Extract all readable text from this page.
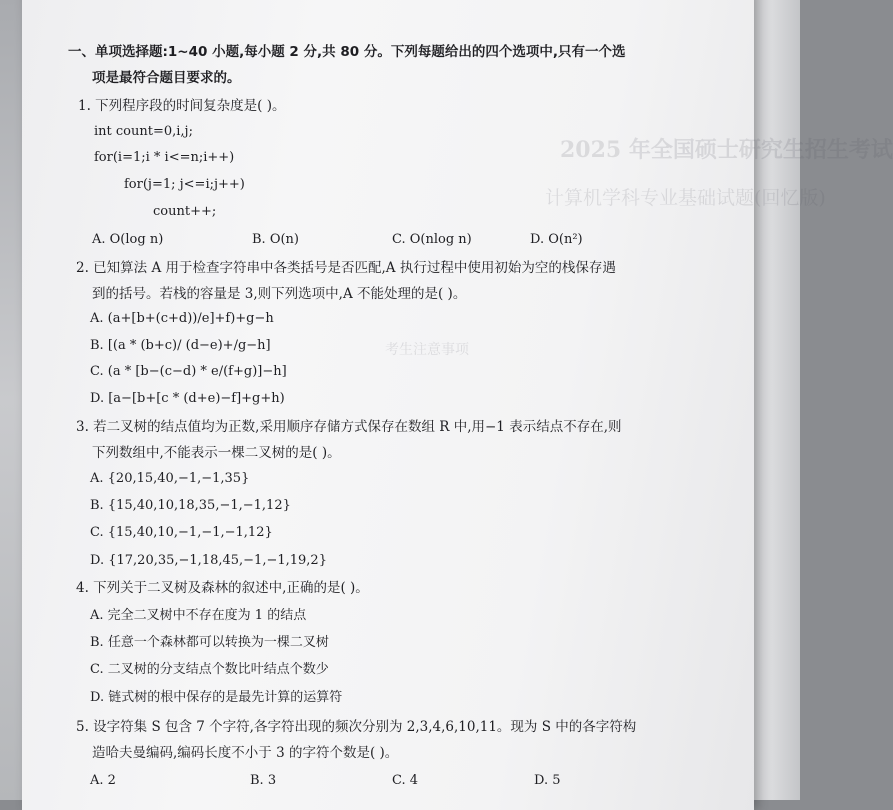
2025 年全国硕士研究生招生考试
计算机学科专业基础试题(回忆版)
考生注意事项
一、单项选择题:1~40 小题,每小题 2 分,共 80 分。下列每题给出的四个选项中,只有一个选
项是最符合题目要求的。
1. 下列程序段的时间复杂度是( )。
int count=0,i,j;
for(i=1;i * i<=n;i++)
for(j=1; j<=i;j++)
count++;
A. O(log n)	B. O(n)	C. O(nlog n)	D. O(n²)
2. 已知算法 A 用于检查字符串中各类括号是否匹配,A 执行过程中使用初始为空的栈保存遇
到的括号。若栈的容量是 3,则下列选项中,A 不能处理的是( )。
A. (a+[b+(c+d))/e]+f)+g−h
B. [(a * (b+c)/ (d−e)+/g−h]
C. (a * [b−(c−d) * e/(f+g)]−h]
D. [a−[b+[c * (d+e)−f]+g+h)
3. 若二叉树的结点值均为正数,采用顺序存储方式保存在数组 R 中,用−1 表示结点不存在,则
下列数组中,不能表示一棵二叉树的是( )。
A. {20,15,40,−1,−1,35}
B. {15,40,10,18,35,−1,−1,12}
C. {15,40,10,−1,−1,−1,12}
D. {17,20,35,−1,18,45,−1,−1,19,2}
4. 下列关于二叉树及森林的叙述中,正确的是( )。
A. 完全二叉树中不存在度为 1 的结点
B. 任意一个森林都可以转换为一棵二叉树
C. 二叉树的分支结点个数比叶结点个数少
D. 链式树的根中保存的是最先计算的运算符
5. 设字符集 S 包含 7 个字符,各字符出现的频次分别为 2,3,4,6,10,11。现为 S 中的各字符构
造哈夫曼编码,编码长度不小于 3 的字符个数是( )。
A. 2	B. 3	C. 4	D. 5
